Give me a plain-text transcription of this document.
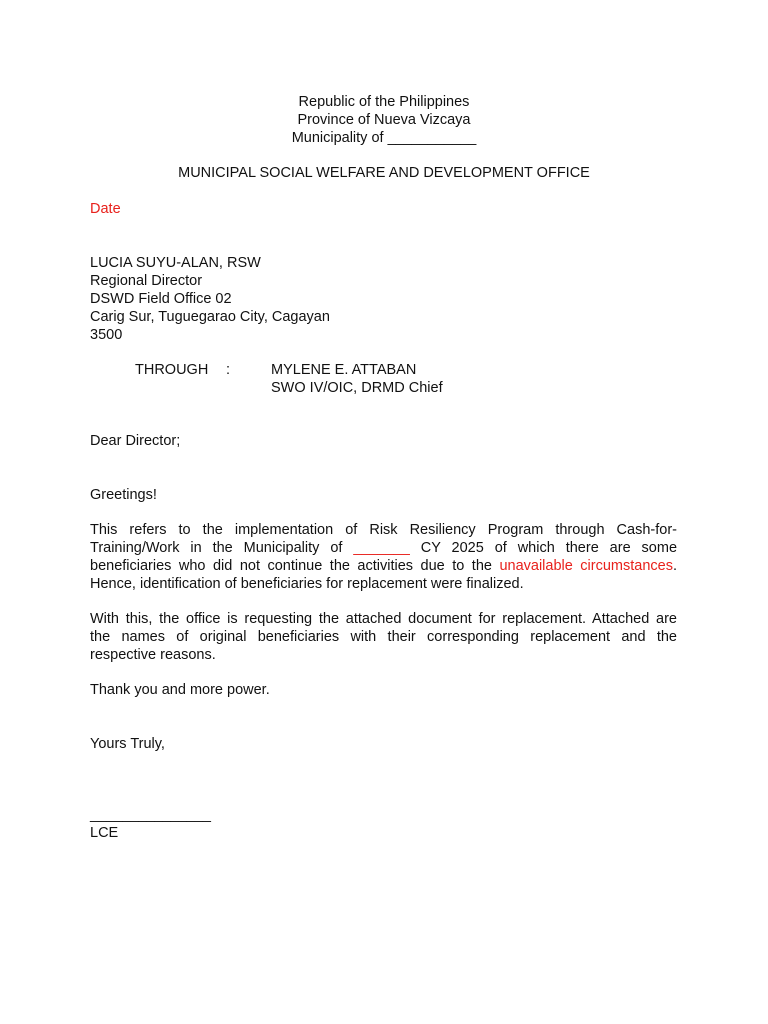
Republic of the Philippines
Province of Nueva Vizcaya
Municipality of ___________
MUNICIPAL SOCIAL WELFARE AND DEVELOPMENT OFFICE
Date
LUCIA SUYU-ALAN, RSW
Regional Director
DSWD Field Office 02
Carig Sur, Tuguegarao City, Cagayan
3500
THROUGH :	MYLENE E. ATTABAN
SWO IV/OIC, DRMD Chief
Dear Director;
Greetings!
This refers to the implementation of Risk Resiliency Program through Cash-for-
Training/Work in the Municipality of _______ CY 2025 of which there are some
beneficiaries who did not continue the activities due to the unavailable circumstances.
Hence, identification of beneficiaries for replacement were finalized.
With this, the office is requesting the attached document for replacement. Attached are
the names of original beneficiaries with their corresponding replacement and the
respective reasons.
Thank you and more power.
Yours Truly,
_______________
LCE
